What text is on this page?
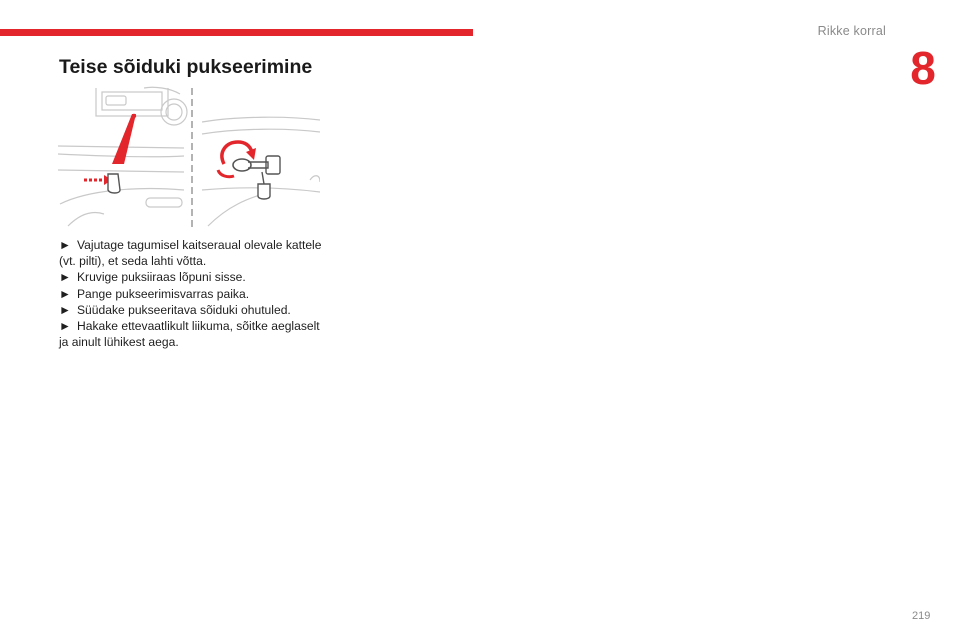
Rikke korral
8
Teise sõiduki pukseerimine

► Vajutage tagumisel kaitseraual olevale kattele (vt. pilti), et seda lahti võtta.

► Kruvige puksiiraas lõpuni sisse.

► Pange pukseerimisvarras paika.

► Süüdake pukseeritava sõiduki ohutuled.

► Hakake ettevaatlikult liikuma, sõitke aeglaselt ja ainult lühikest aega.

219
